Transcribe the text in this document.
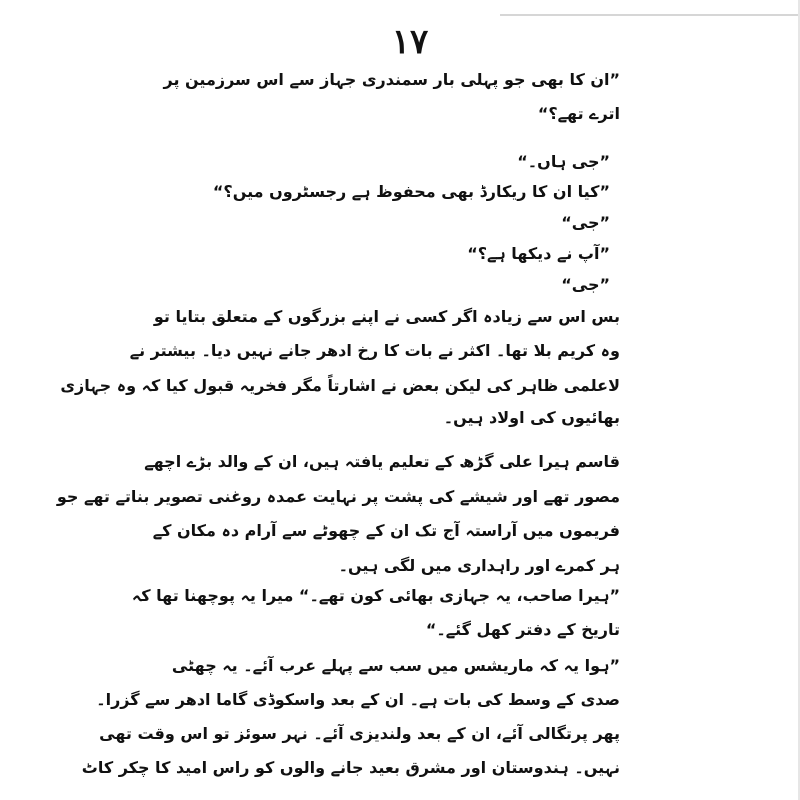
۱۷
”ان کا بھی جو پہلی بار سمندری جہاز سے اس سرزمین پر
اترے تھے؟“
”جی ہاں۔“
”کیا ان کا ریکارڈ بھی محفوظ ہے رجسٹروں میں؟“
”جی“
”آپ نے دیکھا ہے؟“
”جی“
بس اس سے زیادہ اگر کسی نے اپنے بزرگوں کے متعلق بتایا تو
وہ کریم بلا تھا۔ اکثر نے بات کا رخ ادھر جانے نہیں دیا۔ بیشتر نے
لاعلمی ظاہر کی لیکن بعض نے اشارتاً مگر فخریہ قبول کیا کہ وہ جہازی
بھائیوں کی اولاد ہیں۔
قاسم ہیرا علی گڑھ کے تعلیم یافتہ ہیں، ان کے والد بڑے اچھے
مصور تھے اور شیشے کی پشت پر نہایت عمدہ روغنی تصویر بناتے تھے جو
فریموں میں آراستہ آج تک ان کے چھوٹے سے آرام دہ مکان کے
ہر کمرے اور راہداری میں لگی ہیں۔
”ہیرا صاحب، یہ جہازی بھائی کون تھے۔“ میرا یہ پوچھنا تھا کہ
تاریخ کے دفتر کھل گئے۔“
”ہوا یہ کہ ماریشس میں سب سے پہلے عرب آئے۔ یہ چھٹی
صدی کے وسط کی بات ہے۔ ان کے بعد واسکوڈی گاما ادھر سے گزرا۔
پھر پرتگالی آئے، ان کے بعد ولندیزی آئے۔ نہر سوئز تو اس وقت تھی
نہیں۔ ہندوستان اور مشرق بعید جانے والوں کو راس امید کا چکر کاٹ
